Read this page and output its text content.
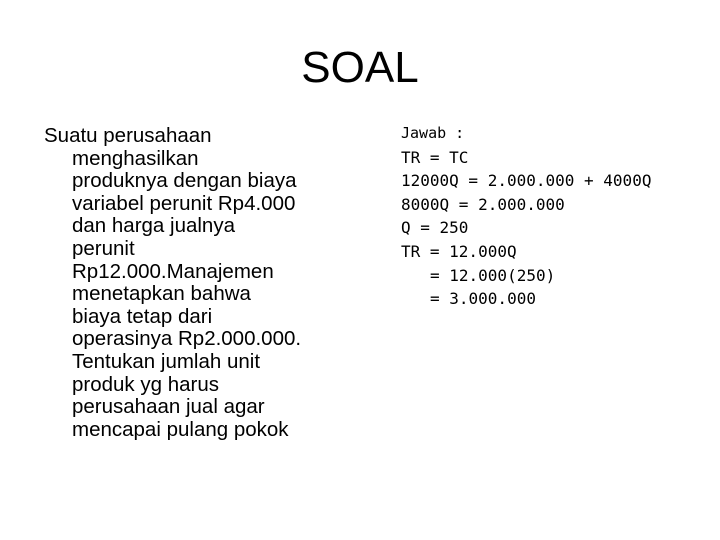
SOAL
Suatu perusahaan
menghasilkan
produknya dengan biaya
variabel perunit Rp4.000
dan harga jualnya
perunit
Rp12.000.Manajemen
menetapkan bahwa
biaya tetap dari
operasinya Rp2.000.000.
Tentukan jumlah unit
produk yg harus
perusahaan jual agar
mencapai pulang pokok
Jawab :
TR = TC
12000Q = 2.000.000 + 4000Q
8000Q = 2.000.000
Q = 250
TR = 12.000Q
= 12.000(250)
= 3.000.000
